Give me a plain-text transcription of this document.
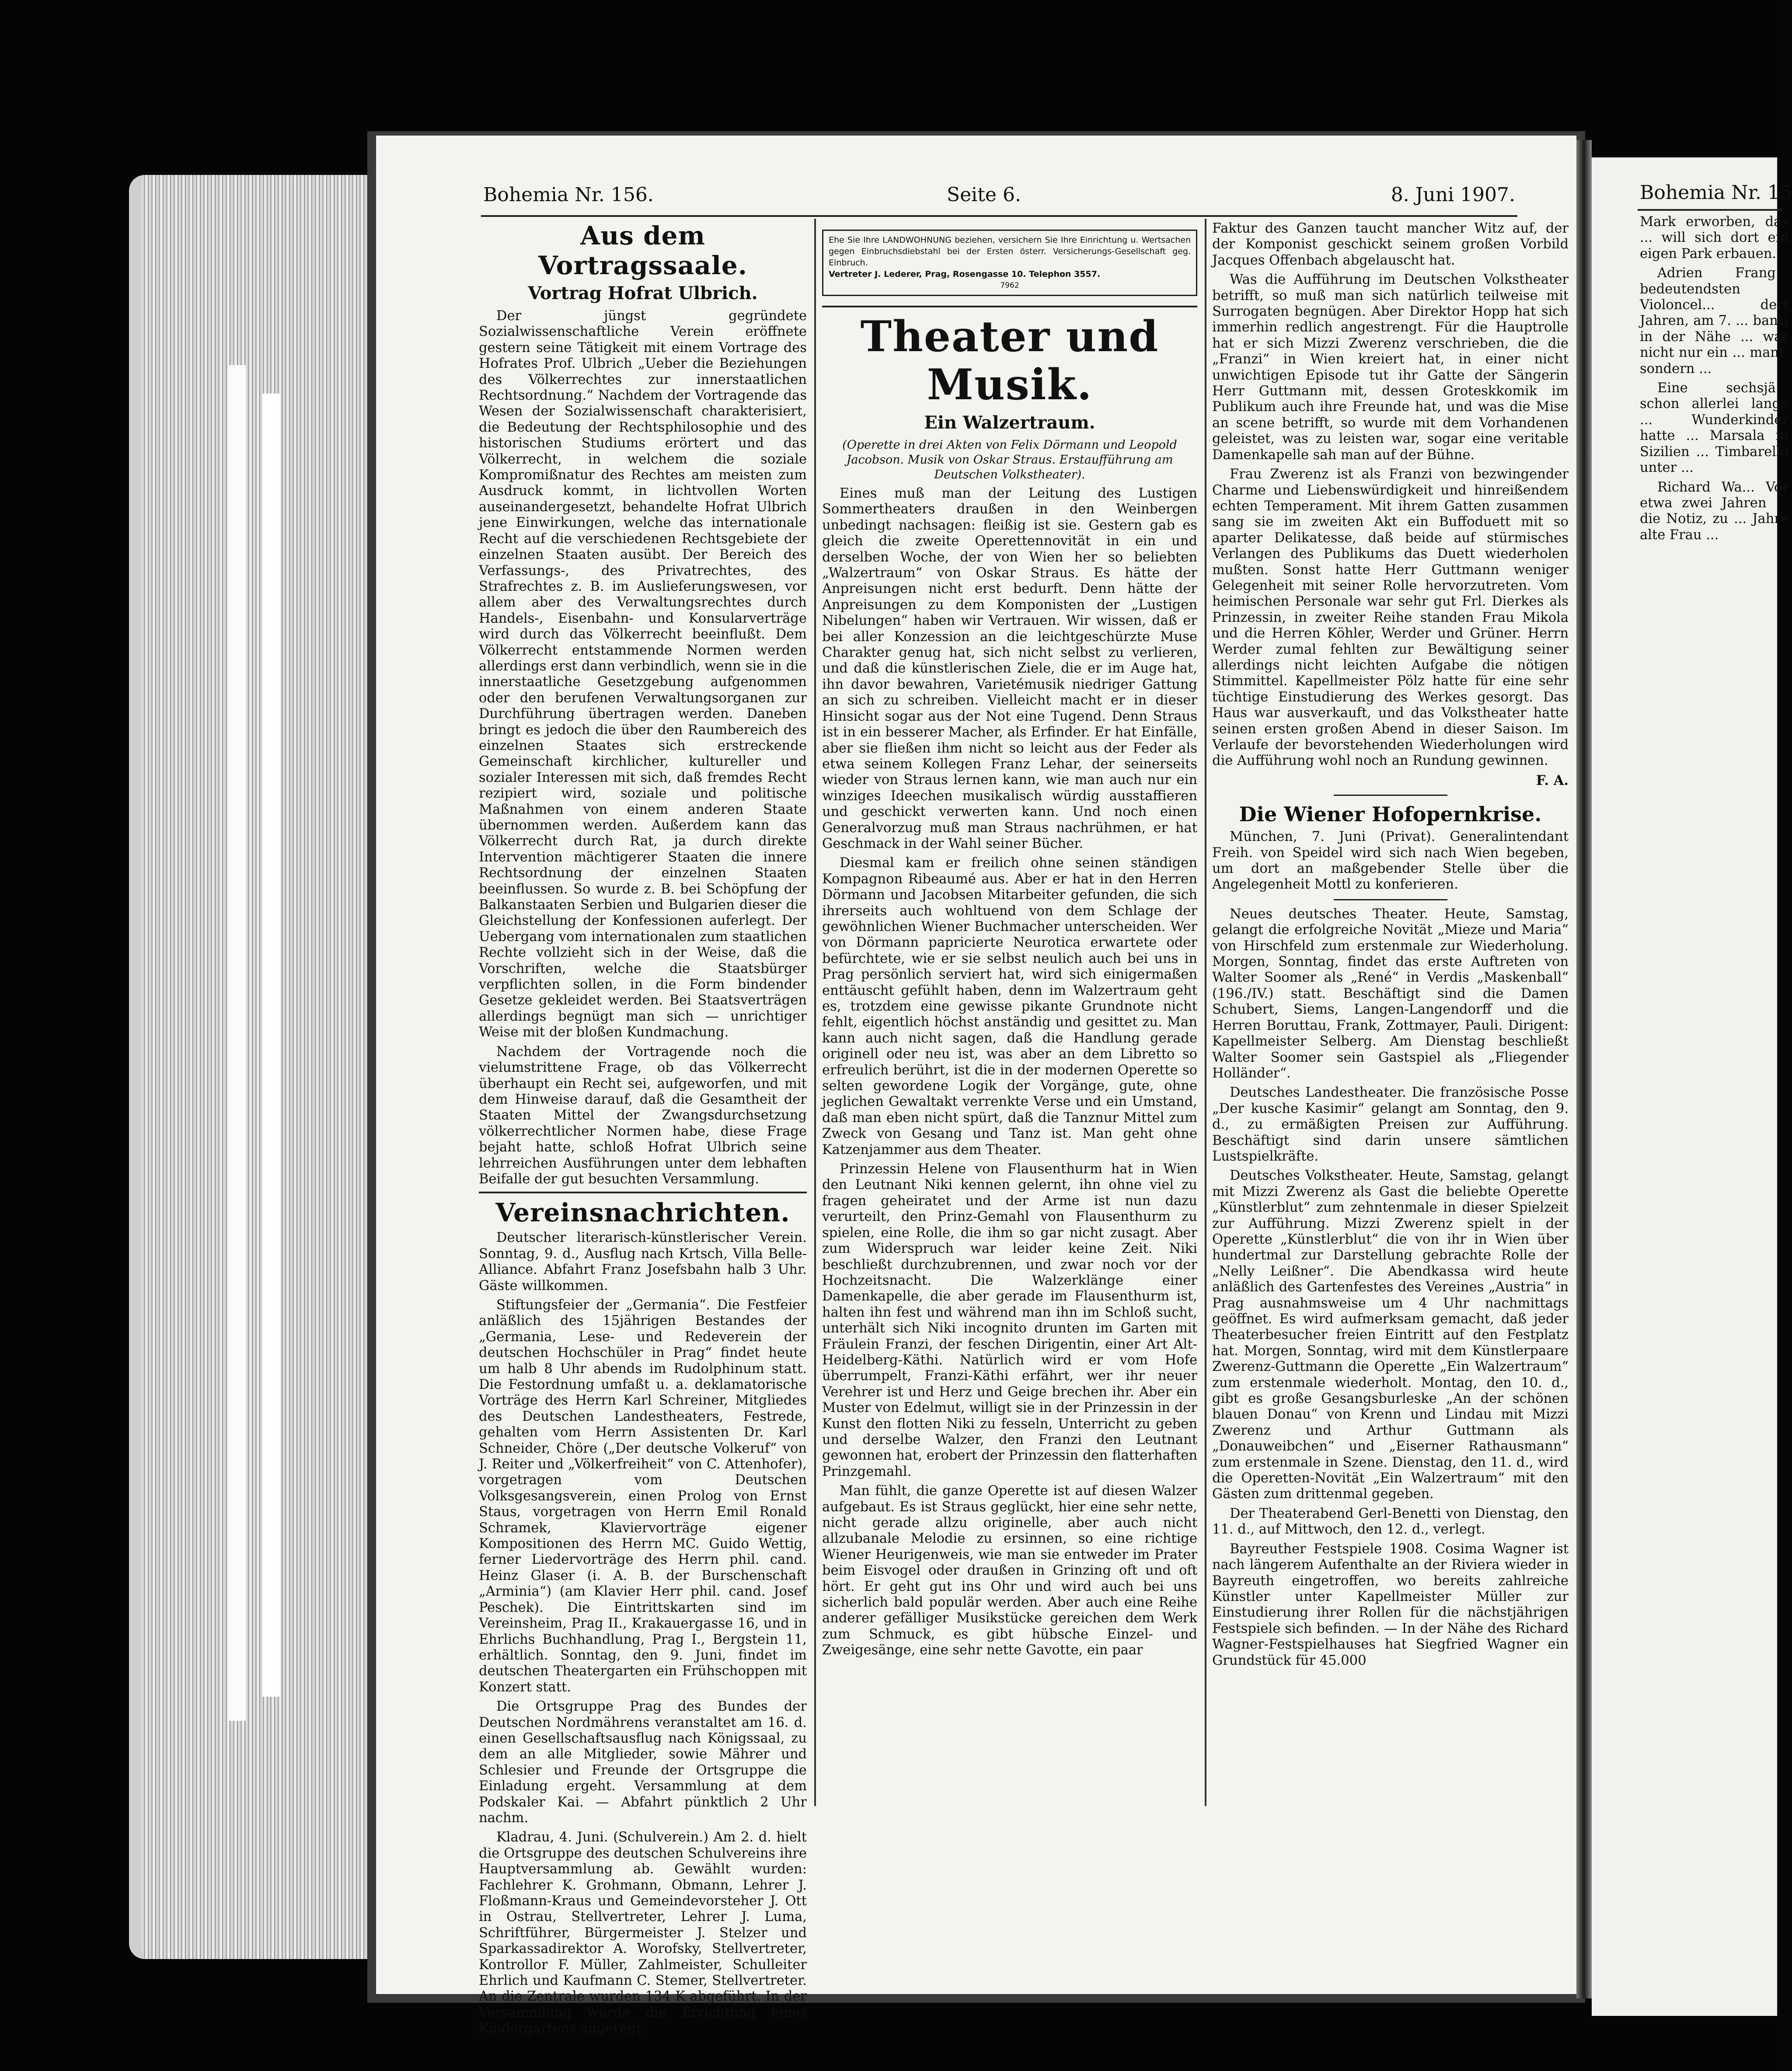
Bohemia Nr. 156.	Seite 6.	8. Juni 1907.
Aus dem Vortragssaale.
Vortrag Hofrat Ulbrich.

Der jüngst gegründete Sozialwissenschaftliche Verein eröffnete gestern seine Tätigkeit mit einem Vortrage des Hofrates Prof. Ulbrich „Ueber die Beziehungen des Völkerrechtes zur innerstaatlichen Rechtsordnung.“ Nachdem der Vortragende das Wesen der Sozialwissenschaft charakterisiert, die Bedeutung der Rechtsphilosophie und des historischen Studiums erörtert und das Völkerrecht, in welchem die soziale Kompromißnatur des Rechtes am meisten zum Ausdruck kommt, in lichtvollen Worten auseinandergesetzt, behandelte Hofrat Ulbrich jene Einwirkungen, welche das internationale Recht auf die verschiedenen Rechtsgebiete der einzelnen Staaten ausübt. Der Bereich des Verfassungs-, des Privatrechtes, des Strafrechtes z. B. im Auslieferungswesen, vor allem aber des Verwaltungsrechtes durch Handels-, Eisenbahn- und Konsularverträge wird durch das Völkerrecht beeinflußt. Dem Völkerrecht entstammende Normen werden allerdings erst dann verbindlich, wenn sie in die innerstaatliche Gesetzgebung aufgenommen oder den berufenen Verwaltungsorganen zur Durchführung übertragen werden. Daneben bringt es jedoch die über den Raumbereich des einzelnen Staates sich erstreckende Gemeinschaft kirchlicher, kultureller und sozialer Interessen mit sich, daß fremdes Recht rezipiert wird, soziale und politische Maßnahmen von einem anderen Staate übernommen werden. Außerdem kann das Völkerrecht durch Rat, ja durch direkte Intervention mächtigerer Staaten die innere Rechtsordnung der einzelnen Staaten beeinflussen. So wurde z. B. bei Schöpfung der Balkanstaaten Serbien und Bulgarien dieser die Gleichstellung der Konfessionen auferlegt. Der Uebergang vom internationalen zum staatlichen Rechte vollzieht sich in der Weise, daß die Vorschriften, welche die Staatsbürger verpflichten sollen, in die Form bindender Gesetze gekleidet werden. Bei Staatsverträgen allerdings begnügt man sich — unrichtiger Weise mit der bloßen Kundmachung.

Nachdem der Vortragende noch die vielumstrittene Frage, ob das Völkerrecht überhaupt ein Recht sei, aufgeworfen, und mit dem Hinweise darauf, daß die Gesamtheit der Staaten Mittel der Zwangsdurchsetzung völkerrechtlicher Normen habe, diese Frage bejaht hatte, schloß Hofrat Ulbrich seine lehrreichen Ausführungen unter dem lebhaften Beifalle der gut besuchten Versammlung.

Vereinsnachrichten.

Deutscher literarisch-künstlerischer Verein. Sonntag, 9. d., Ausflug nach Krtsch, Villa Belle-Alliance. Abfahrt Franz Josefsbahn halb 3 Uhr. Gäste willkommen.

Stiftungsfeier der „Germania“. Die Festfeier anläßlich des 15jährigen Bestandes der „Germania, Lese- und Redeverein der deutschen Hochschüler in Prag“ findet heute um halb 8 Uhr abends im Rudolphinum statt. Die Festordnung umfaßt u. a. deklamatorische Vorträge des Herrn Karl Schreiner, Mitgliedes des Deutschen Landestheaters, Festrede, gehalten vom Herrn Assistenten Dr. Karl Schneider, Chöre („Der deutsche Volkeruf“ von J. Reiter und „Völkerfreiheit“ von C. Attenhofer), vorgetragen vom Deutschen Volksgesangsverein, einen Prolog von Ernst Staus, vorgetragen von Herrn Emil Ronald Schramek, Klaviervorträge eigener Kompositionen des Herrn MC. Guido Wettig, ferner Liedervorträge des Herrn phil. cand. Heinz Glaser (i. A. B. der Burschenschaft „Arminia“) (am Klavier Herr phil. cand. Josef Peschek). Die Eintrittskarten sind im Vereinsheim, Prag II., Krakauergasse 16, und in Ehrlichs Buchhandlung, Prag I., Bergstein 11, erhältlich. Sonntag, den 9. Juni, findet im deutschen Theatergarten ein Frühschoppen mit Konzert statt.

Die Ortsgruppe Prag des Bundes der Deutschen Nordmährens veranstaltet am 16. d. einen Gesellschaftsausflug nach Königssaal, zu dem an alle Mitglieder, sowie Mährer und Schlesier und Freunde der Ortsgruppe die Einladung ergeht. Versammlung at dem Podskaler Kai. — Abfahrt pünktlich 2 Uhr nachm.

Kladrau, 4. Juni. (Schulverein.) Am 2. d. hielt die Ortsgruppe des deutschen Schulvereins ihre Hauptversammlung ab. Gewählt wurden: Fachlehrer K. Grohmann, Obmann, Lehrer J. Floßmann-Kraus und Gemeindevorsteher J. Ott in Ostrau, Stellvertreter, Lehrer J. Luma, Schriftführer, Bürgermeister J. Stelzer und Sparkassadirektor A. Worofsky, Stellvertreter, Kontrollor F. Müller, Zahlmeister, Schulleiter Ehrlich und Kaufmann C. Stemer, Stellvertreter. An die Zentrale wurden 134 K abgeführt. In der Versammlung wurde die Errichtung eines Kindergartens angeregt.

Ehe Sie Ihre LANDWOHNUNG beziehen, versichern Sie Ihre Einrichtung u. Wertsachen gegen Einbruchsdiebstahl bei der Ersten österr. Versicherungs-Gesellschaft geg. Einbruch.
Vertreter J. Lederer, Prag, Rosengasse 10. Telephon 3557.
7962
Theater und Musik.
Ein Walzertraum.

(Operette in drei Akten von Felix Dörmann und Leopold Jacobson. Musik von Oskar Straus. Erstaufführung am Deutschen Volkstheater).

Eines muß man der Leitung des Lustigen Sommertheaters draußen in den Weinbergen unbedingt nachsagen: fleißig ist sie. Gestern gab es gleich die zweite Operettennovität in ein und derselben Woche, der von Wien her so beliebten „Walzertraum“ von Oskar Straus. Es hätte der Anpreisungen nicht erst bedurft. Denn hätte der Anpreisungen zu dem Komponisten der „Lustigen Nibelungen“ haben wir Vertrauen. Wir wissen, daß er bei aller Konzession an die leichtgeschürzte Muse Charakter genug hat, sich nicht selbst zu verlieren, und daß die künstlerischen Ziele, die er im Auge hat, ihn davor bewahren, Varietémusik niedriger Gattung an sich zu schreiben. Vielleicht macht er in dieser Hinsicht sogar aus der Not eine Tugend. Denn Straus ist in ein besserer Macher, als Erfinder. Er hat Einfälle, aber sie fließen ihm nicht so leicht aus der Feder als etwa seinem Kollegen Franz Lehar, der seinerseits wieder von Straus lernen kann, wie man auch nur ein winziges Ideechen musikalisch würdig ausstaffieren und geschickt verwerten kann. Und noch einen Generalvorzug muß man Straus nachrühmen, er hat Geschmack in der Wahl seiner Bücher.

Diesmal kam er freilich ohne seinen ständigen Kompagnon Ribeaumé aus. Aber er hat in den Herren Dörmann und Jacobsen Mitarbeiter gefunden, die sich ihrerseits auch wohltuend von dem Schlage der gewöhnlichen Wiener Buchmacher unterscheiden. Wer von Dörmann papricierte Neurotica erwartete oder befürchtete, wie er sie selbst neulich auch bei uns in Prag persönlich serviert hat, wird sich einigermaßen enttäuscht gefühlt haben, denn im Walzertraum geht es, trotzdem eine gewisse pikante Grundnote nicht fehlt, eigentlich höchst anständig und gesittet zu. Man kann auch nicht sagen, daß die Handlung gerade originell oder neu ist, was aber an dem Libretto so erfreulich berührt, ist die in der modernen Operette so selten gewordene Logik der Vorgänge, gute, ohne jeglichen Gewaltakt verrenkte Verse und ein Umstand, daß man eben nicht spürt, daß die Tanznur Mittel zum Zweck von Gesang und Tanz ist. Man geht ohne Katzenjammer aus dem Theater.

Prinzessin Helene von Flausenthurm hat in Wien den Leutnant Niki kennen gelernt, ihn ohne viel zu fragen geheiratet und der Arme ist nun dazu verurteilt, den Prinz-Gemahl von Flausenthurm zu spielen, eine Rolle, die ihm so gar nicht zusagt. Aber zum Widerspruch war leider keine Zeit. Niki beschließt durchzubrennen, und zwar noch vor der Hochzeitsnacht. Die Walzerklänge einer Damenkapelle, die aber gerade im Flausenthurm ist, halten ihn fest und während man ihn im Schloß sucht, unterhält sich Niki incognito drunten im Garten mit Fräulein Franzi, der feschen Dirigentin, einer Art Alt-Heidelberg-Käthi. Natürlich wird er vom Hofe überrumpelt, Franzi-Käthi erfährt, wer ihr neuer Verehrer ist und Herz und Geige brechen ihr. Aber ein Muster von Edelmut, willigt sie in der Prinzessin in der Kunst den flotten Niki zu fesseln, Unterricht zu geben und derselbe Walzer, den Franzi den Leutnant gewonnen hat, erobert der Prinzessin den flatterhaften Prinzgemahl.

Man fühlt, die ganze Operette ist auf diesen Walzer aufgebaut. Es ist Straus geglückt, hier eine sehr nette, nicht gerade allzu originelle, aber auch nicht allzubanale Melodie zu ersinnen, so eine richtige Wiener Heurigenweis, wie man sie entweder im Prater beim Eisvogel oder draußen in Grinzing oft und oft hört. Er geht gut ins Ohr und wird auch bei uns sicherlich bald populär werden. Aber auch eine Reihe anderer gefälliger Musikstücke gereichen dem Werk zum Schmuck, es gibt hübsche Einzel- und Zweigesänge, eine sehr nette Gavotte, ein paar

Faktur des Ganzen taucht mancher Witz auf, der der Komponist geschickt seinem großen Vorbild Jacques Offenbach abgelauscht hat.

Was die Aufführung im Deutschen Volkstheater betrifft, so muß man sich natürlich teilweise mit Surrogaten begnügen. Aber Direktor Hopp hat sich immerhin redlich angestrengt. Für die Hauptrolle hat er sich Mizzi Zwerenz verschrieben, die die „Franzi“ in Wien kreiert hat, in einer nicht unwichtigen Episode tut ihr Gatte der Sängerin Herr Guttmann mit, dessen Groteskkomik im Publikum auch ihre Freunde hat, und was die Mise an scene betrifft, so wurde mit dem Vorhandenen geleistet, was zu leisten war, sogar eine veritable Damenkapelle sah man auf der Bühne.

Frau Zwerenz ist als Franzi von bezwingender Charme und Liebenswürdigkeit und hinreißendem echten Temperament. Mit ihrem Gatten zusammen sang sie im zweiten Akt ein Buffoduett mit so aparter Delikatesse, daß beide auf stürmisches Verlangen des Publikums das Duett wiederholen mußten. Sonst hatte Herr Guttmann weniger Gelegenheit mit seiner Rolle hervorzutreten. Vom heimischen Personale war sehr gut Frl. Dierkes als Prinzessin, in zweiter Reihe standen Frau Mikola und die Herren Köhler, Werder und Grüner. Herrn Werder zumal fehlten zur Bewältigung seiner allerdings nicht leichten Aufgabe die nötigen Stimmittel. Kapellmeister Pölz hatte für eine sehr tüchtige Einstudierung des Werkes gesorgt. Das Haus war ausverkauft, und das Volkstheater hatte seinen ersten großen Abend in dieser Saison. Im Verlaufe der bevorstehenden Wiederholungen wird die Aufführung wohl noch an Rundung gewinnen.

F. A.

Die Wiener Hofopernkrise.

München, 7. Juni (Privat). Generalintendant Freih. von Speidel wird sich nach Wien begeben, um dort an maßgebender Stelle über die Angelegenheit Mottl zu konferieren.

Neues deutsches Theater. Heute, Samstag, gelangt die erfolgreiche Novität „Mieze und Maria“ von Hirschfeld zum erstenmale zur Wiederholung. Morgen, Sonntag, findet das erste Auftreten von Walter Soomer als „René“ in Verdis „Maskenball“ (196./IV.) statt. Beschäftigt sind die Damen Schubert, Siems, Langen-Langendorff und die Herren Boruttau, Frank, Zottmayer, Pauli. Dirigent: Kapellmeister Selberg. Am Dienstag beschließt Walter Soomer sein Gastspiel als „Fliegender Holländer“.

Deutsches Landestheater. Die französische Posse „Der kusche Kasimir“ gelangt am Sonntag, den 9. d., zu ermäßigten Preisen zur Aufführung. Beschäftigt sind darin unsere sämtlichen Lustspielkräfte.

Deutsches Volkstheater. Heute, Samstag, gelangt mit Mizzi Zwerenz als Gast die beliebte Operette „Künstlerblut“ zum zehntenmale in dieser Spielzeit zur Aufführung. Mizzi Zwerenz spielt in der Operette „Künstlerblut“ die von ihr in Wien über hundertmal zur Darstellung gebrachte Rolle der „Nelly Leißner“. Die Abendkassa wird heute anläßlich des Gartenfestes des Vereines „Austria“ in Prag ausnahmsweise um 4 Uhr nachmittags geöffnet. Es wird aufmerksam gemacht, daß jeder Theaterbesucher freien Eintritt auf den Festplatz hat. Morgen, Sonntag, wird mit dem Künstlerpaare Zwerenz-Guttmann die Operette „Ein Walzertraum“ zum erstenmale wiederholt. Montag, den 10. d., gibt es große Gesangsburleske „An der schönen blauen Donau“ von Krenn und Lindau mit Mizzi Zwerenz und Arthur Guttmann als „Donauweibchen“ und „Eiserner Rathausmann“ zum erstenmale in Szene. Dienstag, den 11. d., wird die Operetten-Novität „Ein Walzertraum“ mit den Gästen zum drittenmal gegeben.

Der Theaterabend Gerl-Benetti von Dienstag, den 11. d., auf Mittwoch, den 12. d., verlegt.

Bayreuther Festspiele 1908. Cosima Wagner ist nach längerem Aufenthalte an der Riviera wieder in Bayreuth eingetroffen, wo bereits zahlreiche Künstler unter Kapellmeister Müller zur Einstudierung ihrer Rollen für die nächstjährigen Festspiele sich befinden. — In der Nähe des Richard Wagner-Festspielhauses hat Siegfried Wagner ein Grundstück für 45.000

Bohemia Nr. 15

Mark erworben, das ... will sich dort ein eigen Park erbauen.

Adrien Frang... bedeutendsten Violoncel... dert Jahren, am 7. ... bant) in der Nähe ... war nicht nur ein ... mant, sondern ...

Eine sechsjä... schon allerlei lange ... Wunderkinder hatte ... Marsala in Sizilien ... Timbarello unter ...

Richard Wa... Vor etwa zwei Jahren ... die Notiz, zu ... Jahre alte Frau ...
